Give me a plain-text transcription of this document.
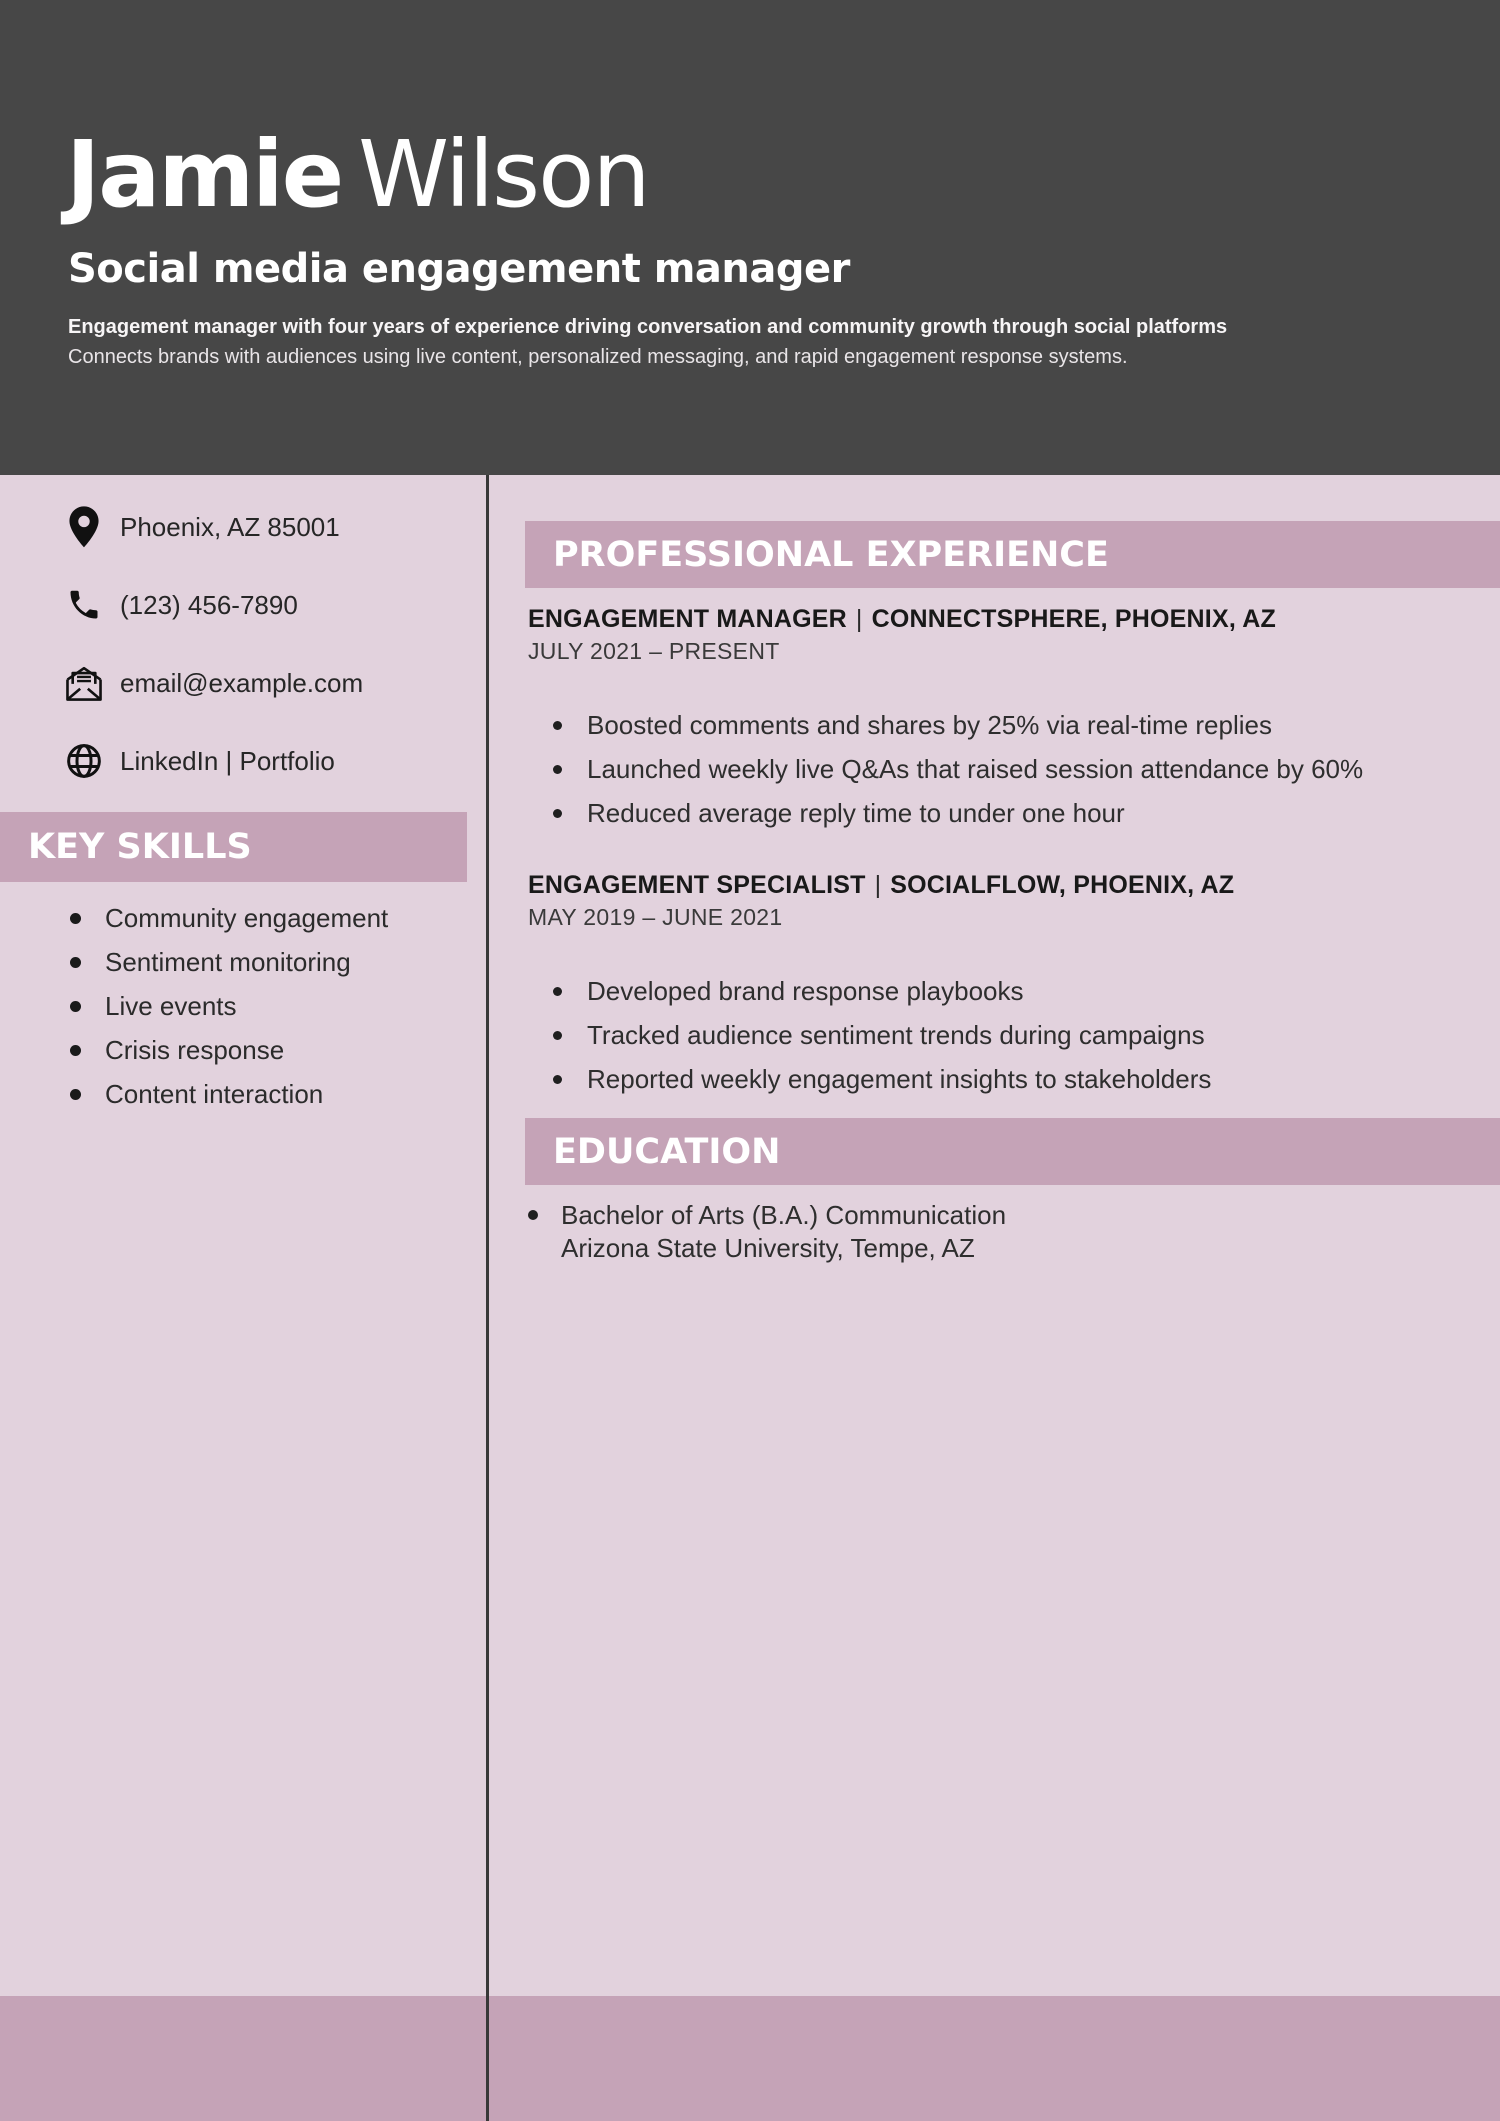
Jamie Wilson
Social media engagement manager
Engagement manager with four years of experience driving conversation and community growth through social platforms
Connects brands with audiences using live content, personalized messaging, and rapid engagement response systems.
Phoenix, AZ 85001
(123) 456-7890
email@example.com
LinkedIn | Portfolio
KEY SKILLS
Community engagement
Sentiment monitoring
Live events
Crisis response
Content interaction
PROFESSIONAL EXPERIENCE
ENGAGEMENT MANAGER | CONNECTSPHERE, PHOENIX, AZ
JULY 2021 – PRESENT
Boosted comments and shares by 25% via real-time replies
Launched weekly live Q&As that raised session attendance by 60%
Reduced average reply time to under one hour
ENGAGEMENT SPECIALIST | SOCIALFLOW, PHOENIX, AZ
MAY 2019 – JUNE 2021
Developed brand response playbooks
Tracked audience sentiment trends during campaigns
Reported weekly engagement insights to stakeholders
EDUCATION
Bachelor of Arts (B.A.) Communication
Arizona State University, Tempe, AZ
